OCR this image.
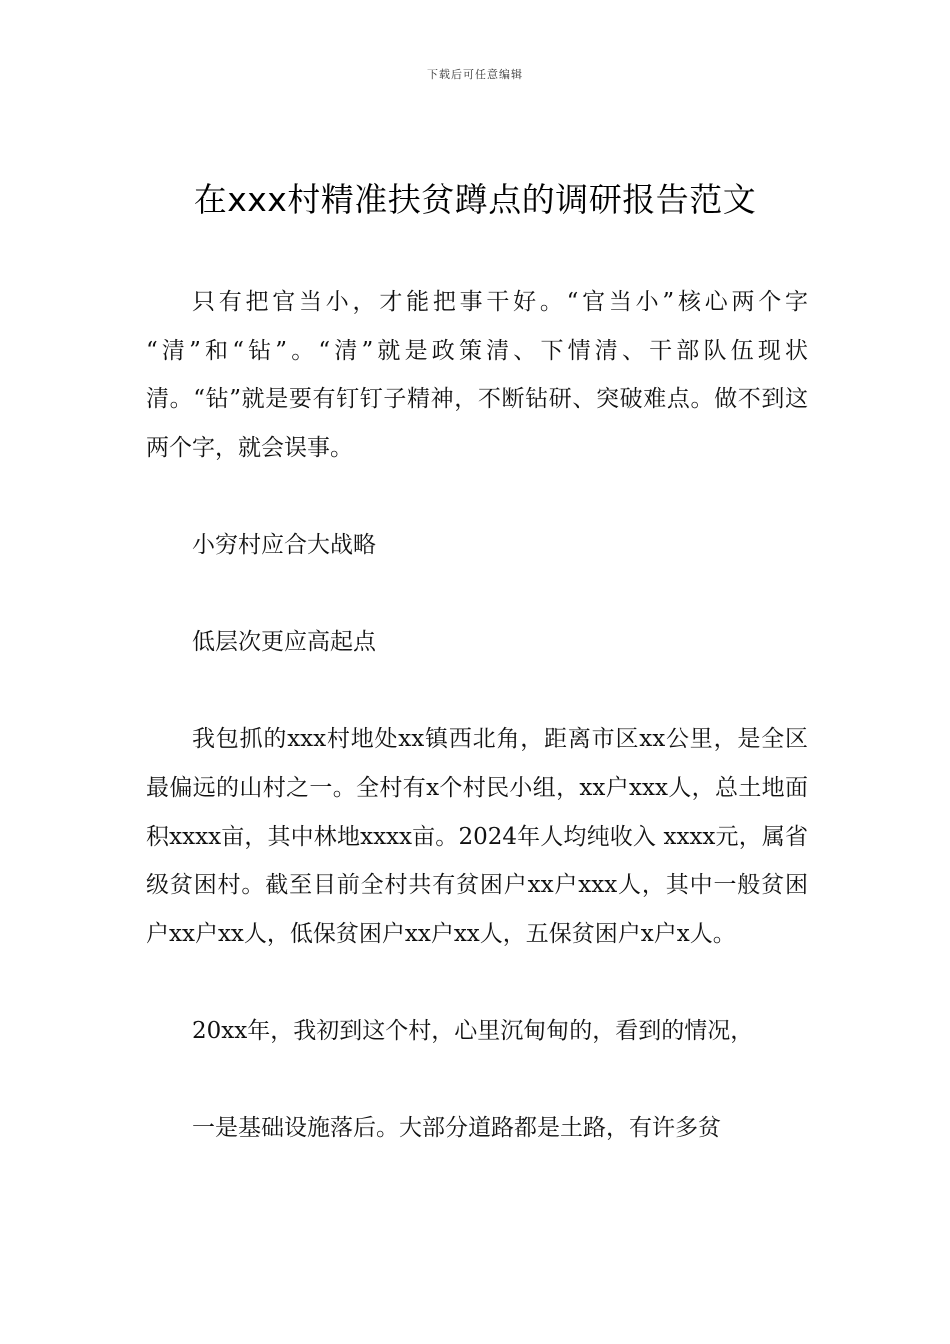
下载后可任意编辑
在xxx村精准扶贫蹲点的调研报告范文

只有把官当小，才能把事干好。“官当小”核心两个字 “清”和“钻”。“清”就是政策清、下情清、干部队伍现状清。“钻”就是要有钉钉子精神，不断钻研、突破难点。做不到这两个字，就会误事。

小穷村应合大战略

低层次更应高起点

我包抓的xxx村地处xx镇西北角，距离市区xx公里，是全区最偏远的山村之一。全村有x个村民小组，xx户xxx人，总土地面积xxxx亩，其中林地xxxx亩。2024年人均纯收入 xxxx元，属省级贫困村。截至目前全村共有贫困户xx户xxx人，其中一般贫困户xx户xx人，低保贫困户xx户xx人，五保贫困户x户x人。

20xx年，我初到这个村，心里沉甸甸的，看到的情况，

一是基础设施落后。大部分道路都是土路，有许多贫
